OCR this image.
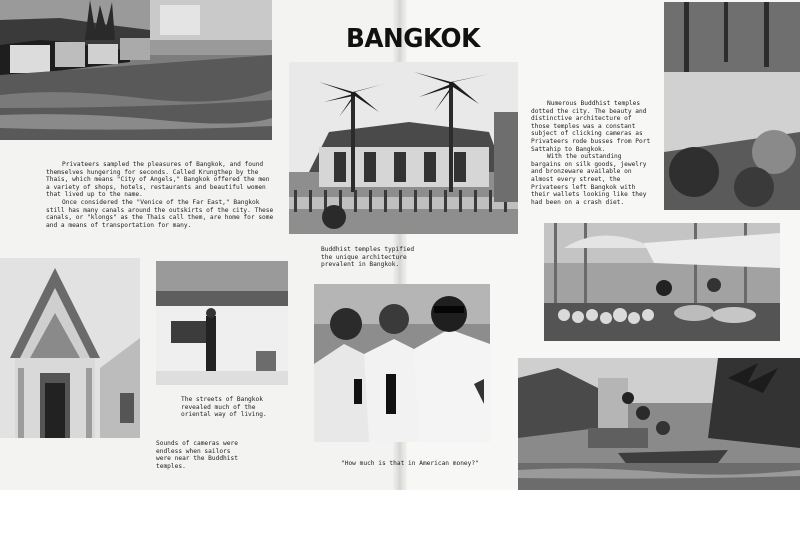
Privateers sampled the pleasures of Bangkok, and found themselves hungering for seconds. Called Krungthep by the Thais, which means "City of Angels," Bangkok offered the men a variety of shops, hotels, restaurants and beautiful women that lived up to the name.

Once considered the "Venice of the Far East," Bangkok still has many canals around the outskirts of the city. These canals, or "klongs" as the Thais call them, are home for some and a means of transportation for many.

BANGKOK
Buddhist temples typified the unique architecture prevalent in Bangkok.
The streets of Bangkok revealed much of the oriental way of living.
Sounds of cameras were endless when sailors were near the Buddhist temples.	"How much is that in American money?"

Numerous Buddhist temples dotted the city. The beauty and distinctive architecture of those temples was a constant subject of clicking cameras as Privateers rode busses from Port Sattahip to Bangkok.

With the outstanding bargains on silk goods, jewelry and bronzeware available on almost every street, the Privateers left Bangkok with their wallets looking like they had been on a crash diet.
